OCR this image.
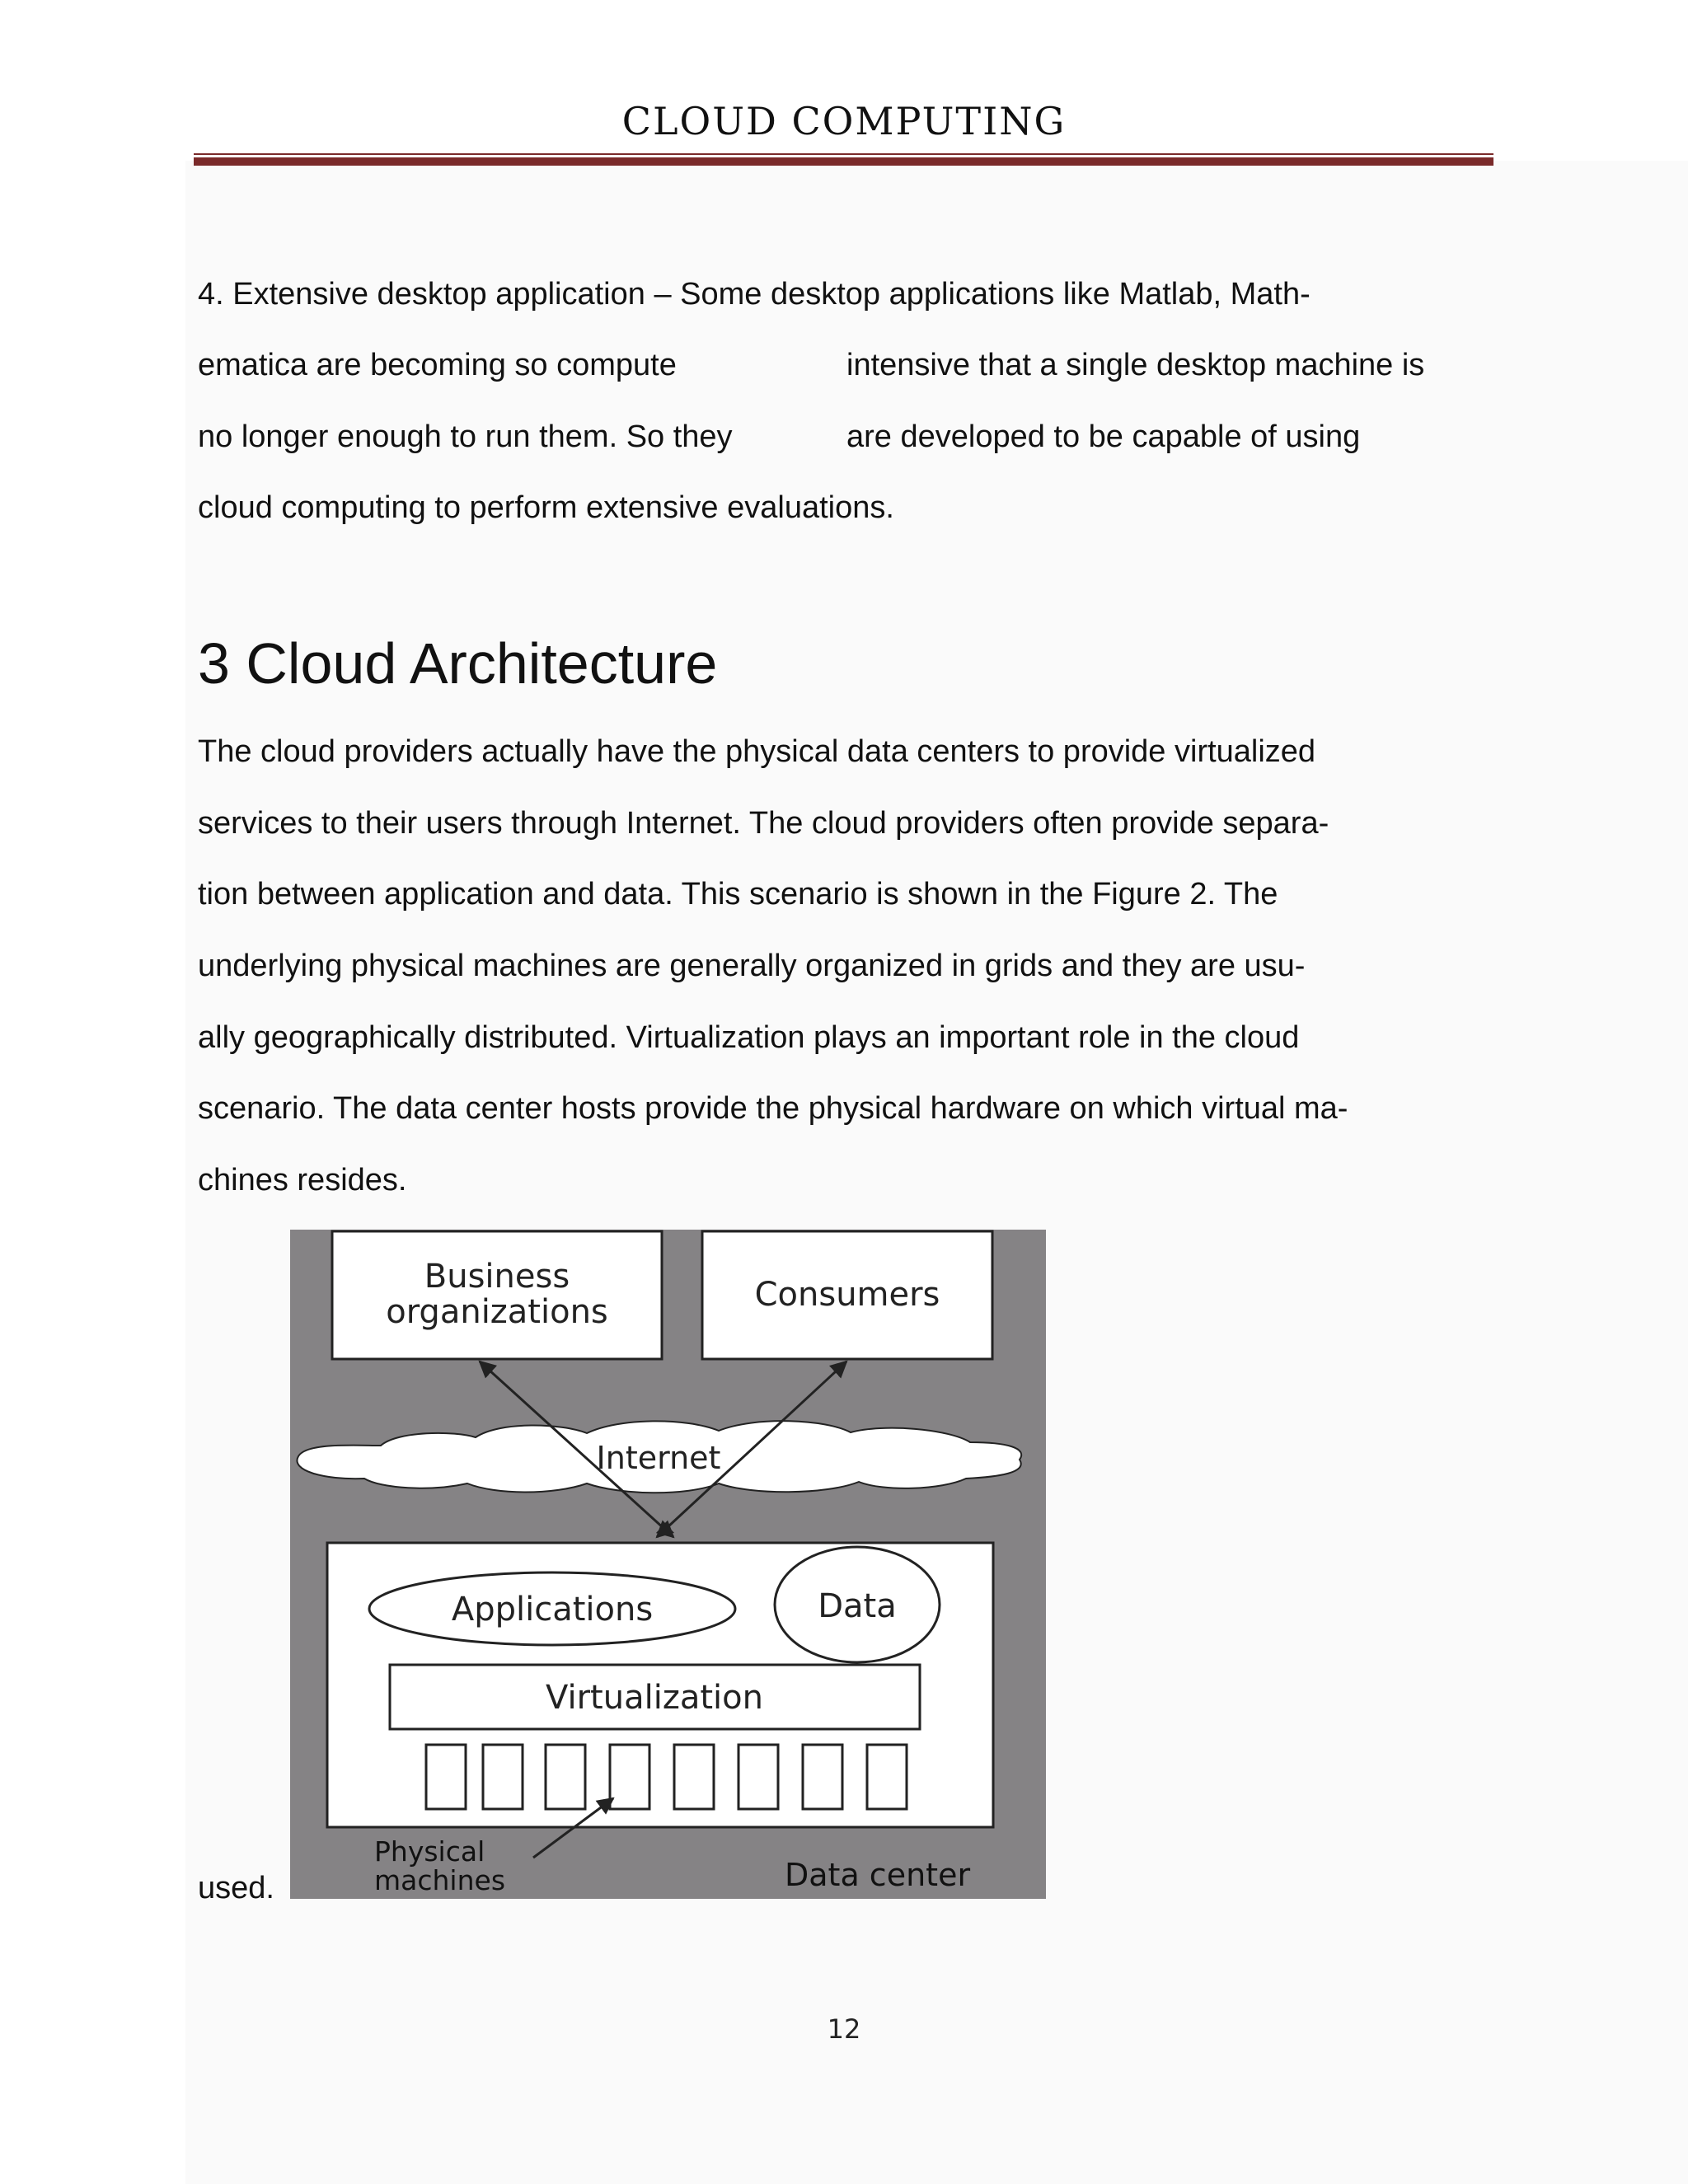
CLOUD COMPUTING
4. Extensive desktop application – Some desktop applications like Matlab, Math-
ematica are becoming so compute	intensive that a single desktop machine is
no longer enough to run them. So they	are developed to be capable of using
cloud computing to perform extensive evaluations.
3 Cloud Architecture
The cloud providers actually have the physical data centers to provide virtualized
services to their users through Internet. The cloud providers often provide separa-
tion between application and data. This scenario is shown in the Figure 2. The
underlying physical machines are generally organized in grids and they are usu-
ally geographically distributed. Virtualization plays an important role in the cloud
scenario. The data center hosts provide the physical hardware on which virtual ma-
chines resides.
used.
Business
organizations	Consumers
Internet
Applications	Data
Virtualization
Physical
machines	Data center
12
